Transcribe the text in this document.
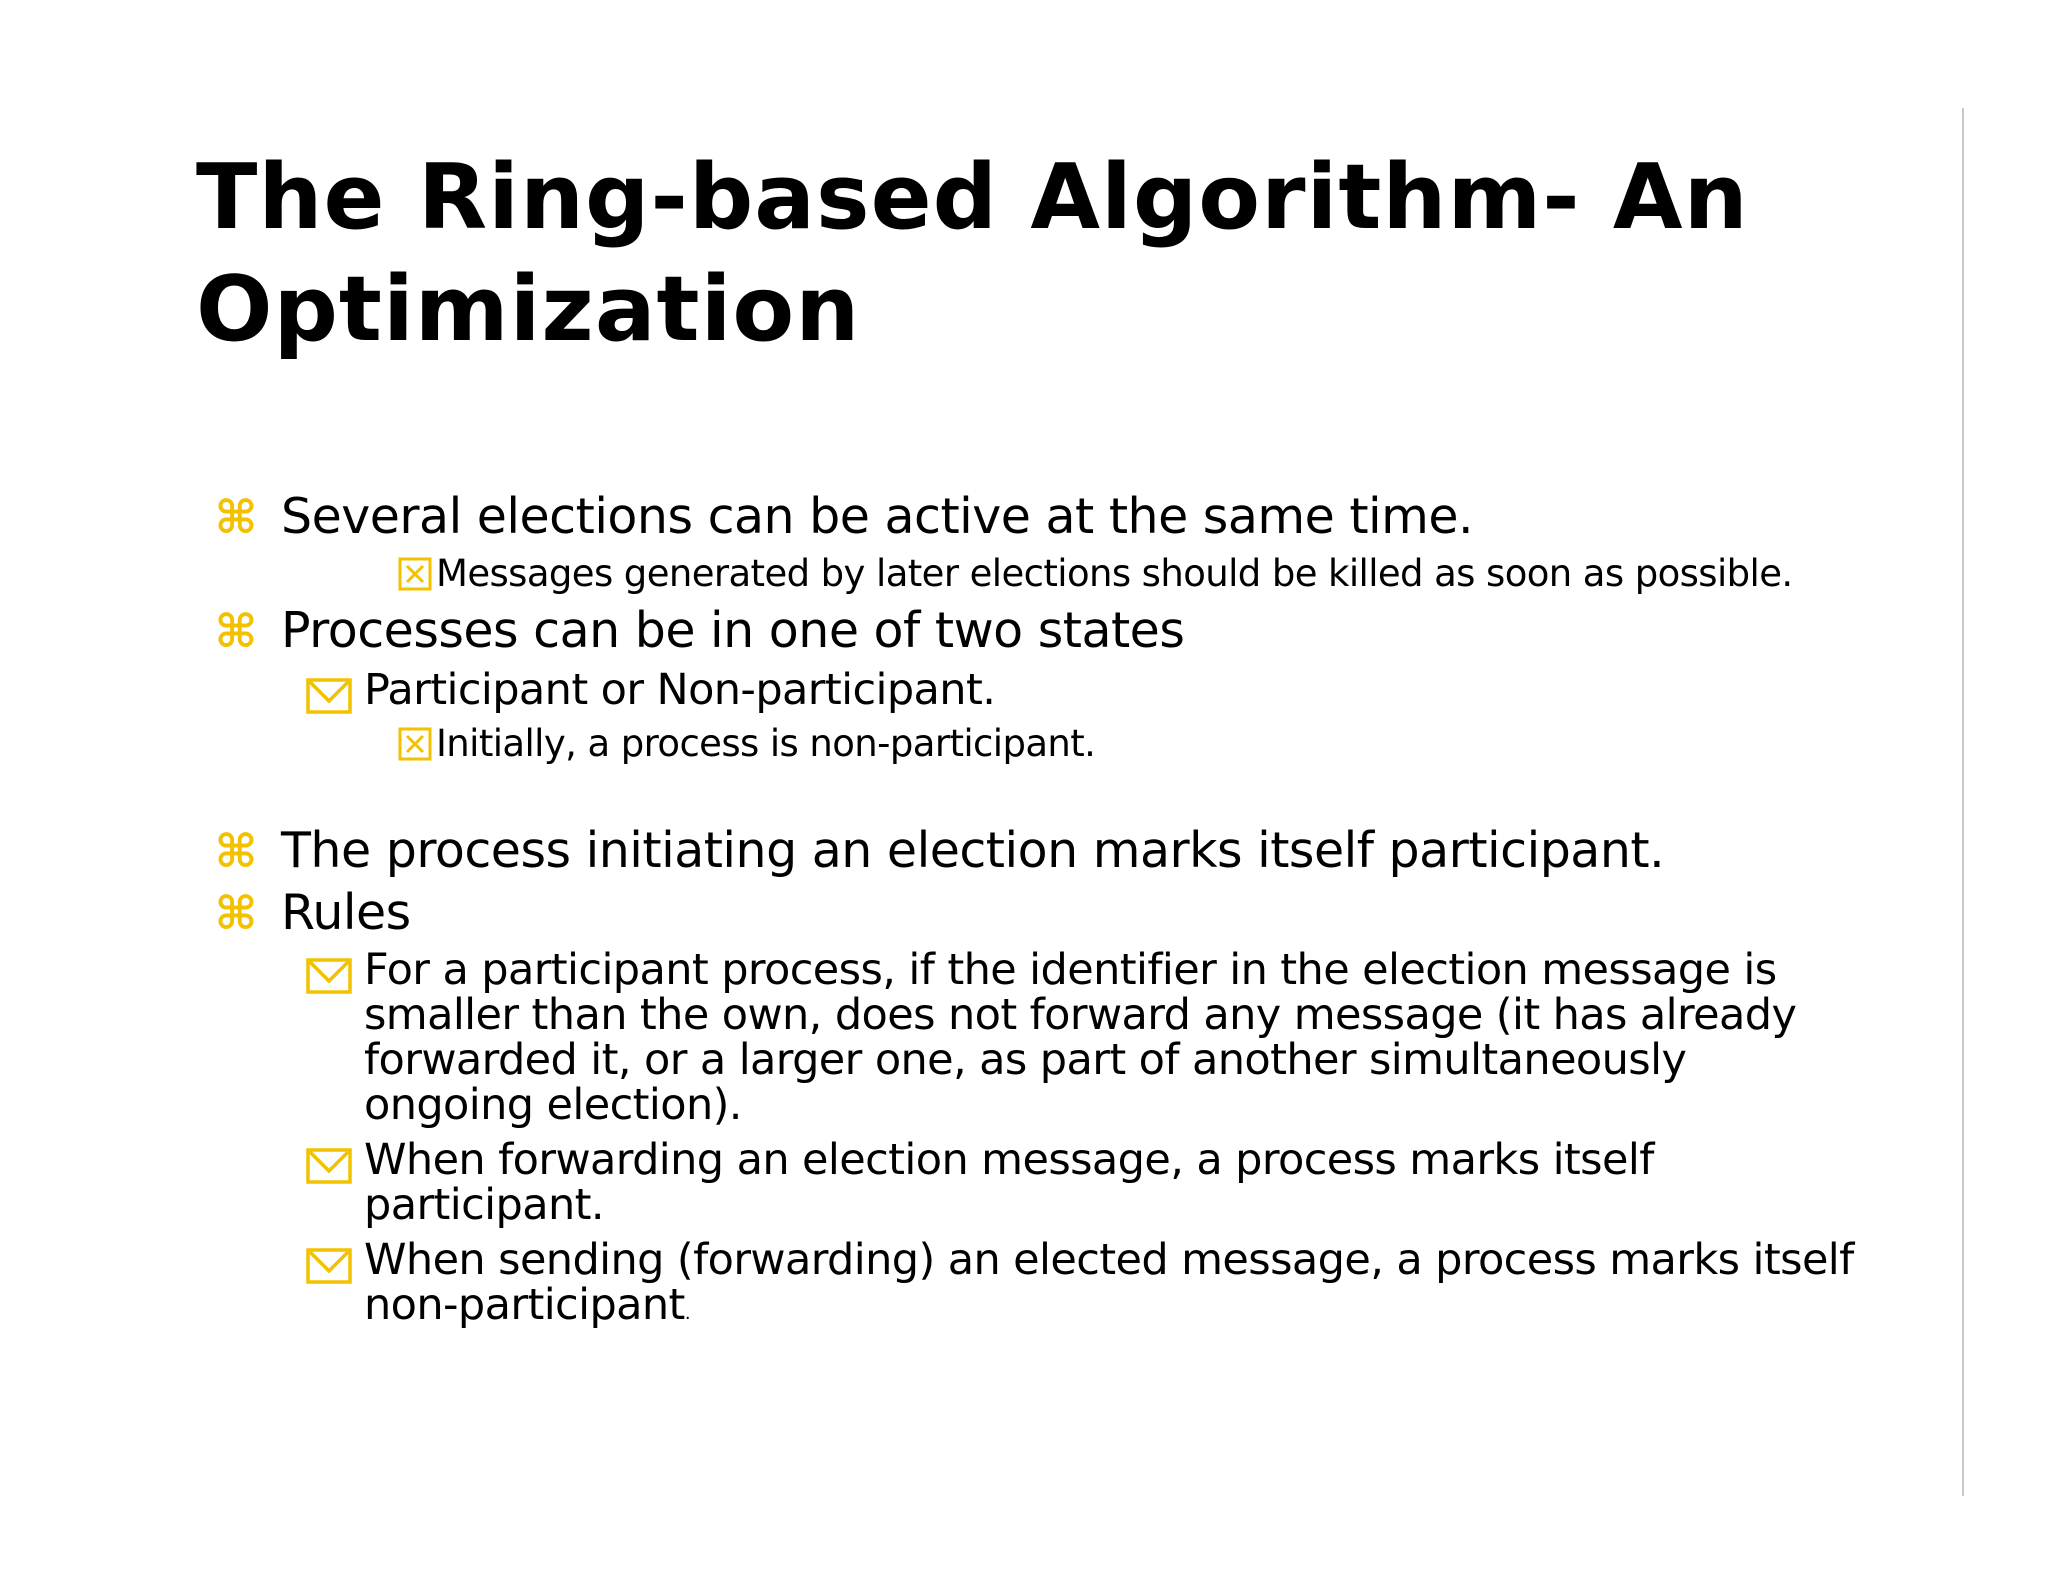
The Ring-based Algorithm- An
Optimization
⌘ Several elections can be active at the same time.
Messages generated by later elections should be killed as soon as possible.
⌘ Processes can be in one of two states
Participant or Non-participant.
Initially, a process is non-participant.
⌘ The process initiating an election marks itself participant.
⌘ Rules
For a participant process, if the identifier in the election message is
smaller than the own, does not forward any message (it has already
forwarded it, or a larger one, as part of another simultaneously
ongoing election).
When forwarding an election message, a process marks itself
participant.
When sending (forwarding) an elected message, a process marks itself
non-participant.
